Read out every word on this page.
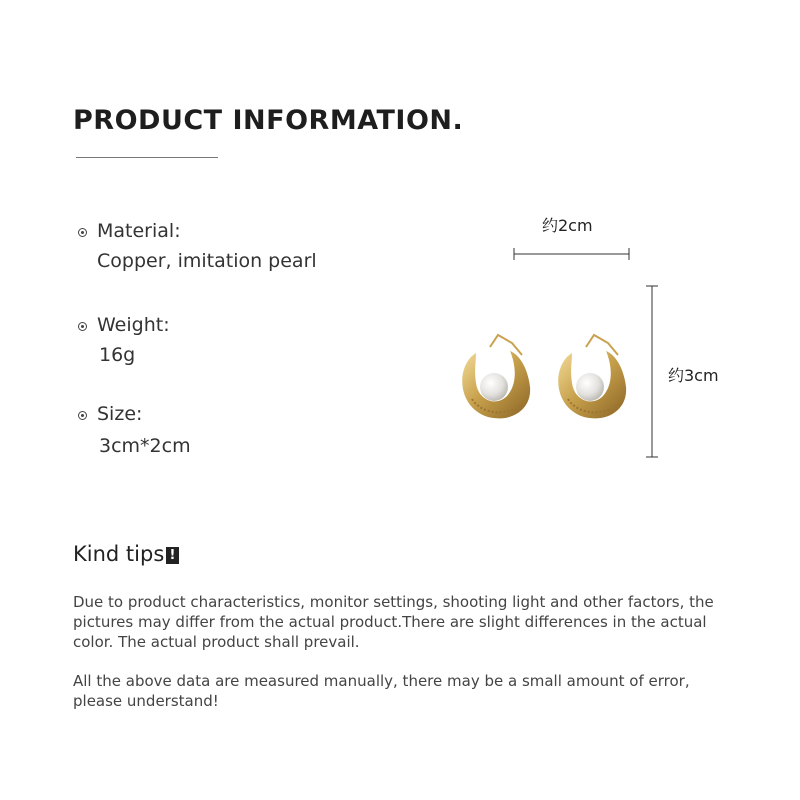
PRODUCT INFORMATION.
Material:
Copper, imitation pearl
Weight:
16g
Size:
3cm*2cm
约2cm
约3cm
Kind tips !
Due to product characteristics, monitor settings, shooting light and other factors, the pictures may differ from the actual product.There are slight differences in the actual color. The actual product shall prevail.
All the above data are measured manually, there may be a small amount of error, please understand!
